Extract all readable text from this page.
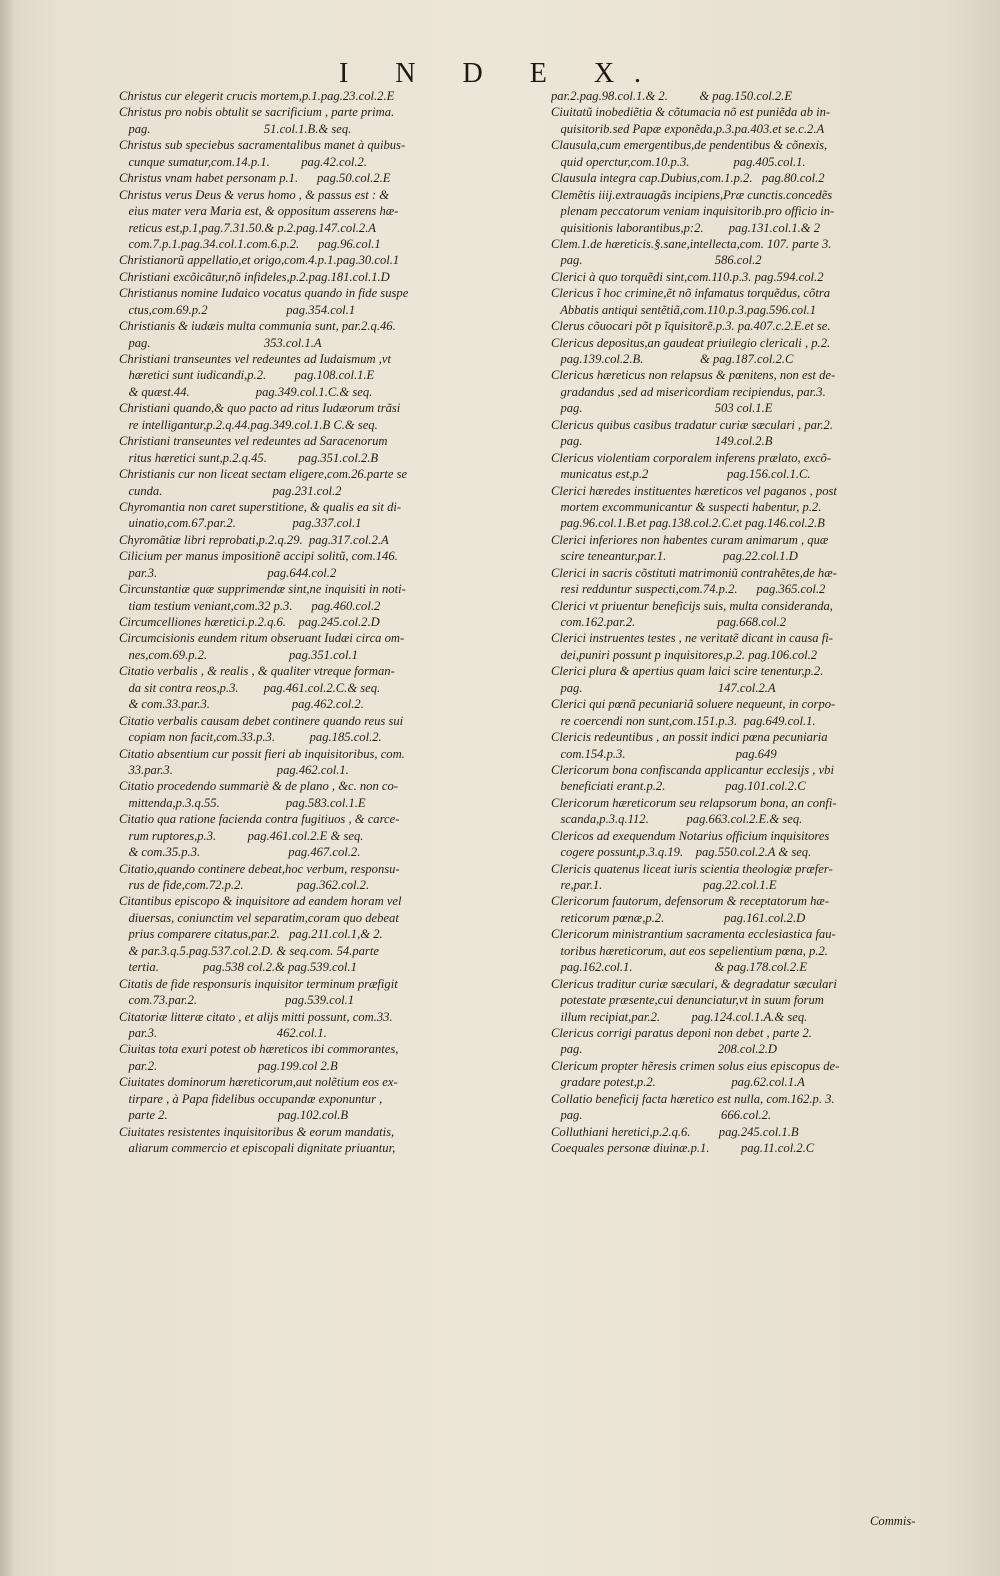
I N D E X.
Christus cur elegerit crucis mortem,p.1.pag.23.col.2.E
Christus pro nobis obtulit se sacrificium , parte prima.
pag.                                    51.col.1.B.& seq.
Christus sub speciebus sacramentalibus manet à quibus-
cunque sumatur,com.14.p.1.          pag.42.col.2.
Christus vnam habet personam p.1.      pag.50.col.2.E
Christus verus Deus & verus homo , & passus est : &
eius mater vera Maria est, & oppositum asserens hæ-
reticus est,p.1,pag.7.31.50.& p.2.pag.147.col.2.A
com.7.p.1.pag.34.col.1.com.6.p.2.      pag.96.col.1
Christianorũ appellatio,et origo,com.4.p.1.pag.30.col.1
Christiani excõicãtur,nõ infideles,p.2.pag.181.col.1.D
Christianus nomine Iudaico vocatus quando in fide suspe
ctus,com.69.p.2                         pag.354.col.1
Christianis & iudæis multa communia sunt, par.2.q.46.
pag.                                    353.col.1.A
Christiani transeuntes vel redeuntes ad Iudaismum ,vt
hæretici sunt iudicandi,p.2.         pag.108.col.1.E
& quæst.44.                     pag.349.col.1.C.& seq.
Christiani quando,& quo pacto ad ritus Iudæorum trãsi
re intelligantur,p.2.q.44.pag.349.col.1.B C.& seq.
Christiani transeuntes vel redeuntes ad Saracenorum
ritus hæretici sunt,p.2.q.45.          pag.351.col.2.B
Christianis cur non liceat sectam eligere,com.26.parte se
cunda.                                   pag.231.col.2
Chyromantia non caret superstitione, & qualis ea sit di-
uinatio,com.67.par.2.                  pag.337.col.1
Chyromãtiæ libri reprobati,p.2.q.29.  pag.317.col.2.A
Cilicium per manus impositionẽ accipi solitũ, com.146.
par.3.                                   pag.644.col.2
Circunstantiæ quæ supprimendæ sint,ne inquisiti in noti-
tiam testium veniant,com.32 p.3.      pag.460.col.2
Circumcelliones hæretici.p.2.q.6.    pag.245.col.2.D
Circumcisionis eundem ritum obseruant Iudæi circa om-
nes,com.69.p.2.                          pag.351.col.1
Citatio verbalis , & realis , & qualiter vtreque forman-
da sit contra reos,p.3.        pag.461.col.2.C.& seq.
& com.33.par.3.                          pag.462.col.2.
Citatio verbalis causam debet continere quando reus sui
copiam non facit,com.33.p.3.           pag.185.col.2.
Citatio absentium cur possit fieri ab inquisitoribus, com.
33.par.3.                                 pag.462.col.1.
Citatio procedendo summariè & de plano , &c. non co-
mittenda,p.3.q.55.                     pag.583.col.1.E
Citatio qua ratione facienda contra fugitiuos , & carce-
rum ruptores,p.3.          pag.461.col.2.E & seq.
& com.35.p.3.                            pag.467.col.2.
Citatio,quando continere debeat,hoc verbum, responsu-
rus de fide,com.72.p.2.                 pag.362.col.2.
Citantibus episcopo & inquisitore ad eandem horam vel
diuersas, coniunctim vel separatim,coram quo debeat
prius comparere citatus,par.2.   pag.211.col.1,& 2.
& par.3.q.5.pag.537.col.2.D. & seq.com. 54.parte
tertia.              pag.538 col.2.& pag.539.col.1
Citatis de fide responsuris inquisitor terminum præfigit
com.73.par.2.                            pag.539.col.1
Citatoriæ litteræ citato , et alijs mitti possunt, com.33.
par.3.                                      462.col.1.
Ciuitas tota exuri potest ob hæreticos ibi commorantes,
par.2.                                pag.199.col 2.B
Ciuitates dominorum hæreticorum,aut nolẽtium eos ex-
tirpare , à Papa fidelibus occupandæ exponuntur ,
parte 2.                                   pag.102.col.B
Ciuitates resistentes inquisitoribus & eorum mandatis,
aliarum commercio et episcopali dignitate priuantur,
par.2.pag.98.col.1.& 2.          & pag.150.col.2.E
Ciuitatũ inobediẽtia & cõtumacia nõ est puniẽda ab in-
quisitorib.sed Papæ exponẽda,p.3.pa.403.et se.c.2.A
Clausula,cum emergentibus,de pendentibus & cõnexis,
quid operctur,com.10.p.3.              pag.405.col.1.
Clausula integra cap.Dubius,com.1.p.2.   pag.80.col.2
Clemẽtis iiij.extrauagãs incipiens,Præ cunctis.concedẽs
plenam peccatorum veniam inquisitorib.pro officio in-
quisitionis laborantibus,p:2.        pag.131.col.1.& 2
Clem.1.de hæreticis.§.sane,intellecta,com. 107. parte 3.
pag.                                          586.col.2
Clerici à quo torquẽdi sint,com.110.p.3. pag.594.col.2
Clericus ĩ hoc crimine,ẽt nõ infamatus torquẽdus, cõtra
Abbatis antiqui sentẽtiã,com.110.p.3.pag.596.col.1
Clerus cõuocari põt p ĩquisitorẽ.p.3. pa.407.c.2.E.et se.
Clericus depositus,an gaudeat priuilegio clericali , p.2.
pag.139.col.2.B.                  & pag.187.col.2.C
Clericus hæreticus non relapsus & pœnitens, non est de-
gradandus ,sed ad misericordiam recipiendus, par.3.
pag.                                          503 col.1.E
Clericus quibus casibus tradatur curiæ sæculari , par.2.
pag.                                          149.col.2.B
Clericus violentiam corporalem inferens prælato, excõ-
municatus est,p.2                         pag.156.col.1.C.
Clerici hæredes instituentes hæreticos vel paganos , post
mortem excommunicantur & suspecti habentur, p.2.
pag.96.col.1.B.et pag.138.col.2.C.et pag.146.col.2.B
Clerici inferiores non habentes curam animarum , quæ
scire teneantur,par.1.                  pag.22.col.1.D
Clerici in sacris cõstituti matrimoniũ contrahẽtes,de hæ-
resi redduntur suspecti,com.74.p.2.      pag.365.col.2
Clerici vt priuentur beneficijs suis, multa consideranda,
com.162.par.2.                          pag.668.col.2
Clerici instruentes testes , ne veritatẽ dicant in causa fi-
dei,puniri possunt p inquisitores,p.2. pag.106.col.2
Clerici plura & apertius quam laici scire tenentur,p.2.
pag.                                           147.col.2.A
Clerici qui pœnã pecuniariã soluere nequeunt, in corpo-
re coercendi non sunt,com.151.p.3.  pag.649.col.1.
Clericis redeuntibus , an possit indici pœna pecuniaria
com.154.p.3.                                   pag.649
Clericorum bona confiscanda applicantur ecclesijs , vbi
beneficiati erant.p.2.                   pag.101.col.2.C
Clericorum hæreticorum seu relapsorum bona, an confi-
scanda,p.3.q.112.            pag.663.col.2.E.& seq.
Clericos ad exequendum Notarius officium inquisitores
cogere possunt,p.3.q.19.    pag.550.col.2.A & seq.
Clericis quatenus liceat iuris scientia theologiæ præfer-
re,par.1.                                pag.22.col.1.E
Clericorum fautorum, defensorum & receptatorum hæ-
reticorum pœnæ,p.2.                   pag.161.col.2.D
Clericorum ministrantium sacramenta ecclesiastica fau-
toribus hæreticorum, aut eos sepelientium pœna, p.2.
pag.162.col.1.                          & pag.178.col.2.E
Clericus traditur curiæ sæculari, & degradatur sæculari
potestate præsente,cui denunciatur,vt in suum forum
illum recipiat,par.2.          pag.124.col.1.A.& seq.
Clericus corrigi paratus deponi non debet , parte 2.
pag.                                           208.col.2.D
Clericum propter hẽresis crimen solus eius episcopus de-
gradare potest,p.2.                        pag.62.col.1.A
Collatio beneficij facta hæretico est nulla, com.162.p. 3.
pag.                                            666.col.2.
Colluthiani heretici,p.2.q.6.         pag.245.col.1.B
Coequales personæ diuinæ.p.1.          pag.11.col.2.C
Commis-
